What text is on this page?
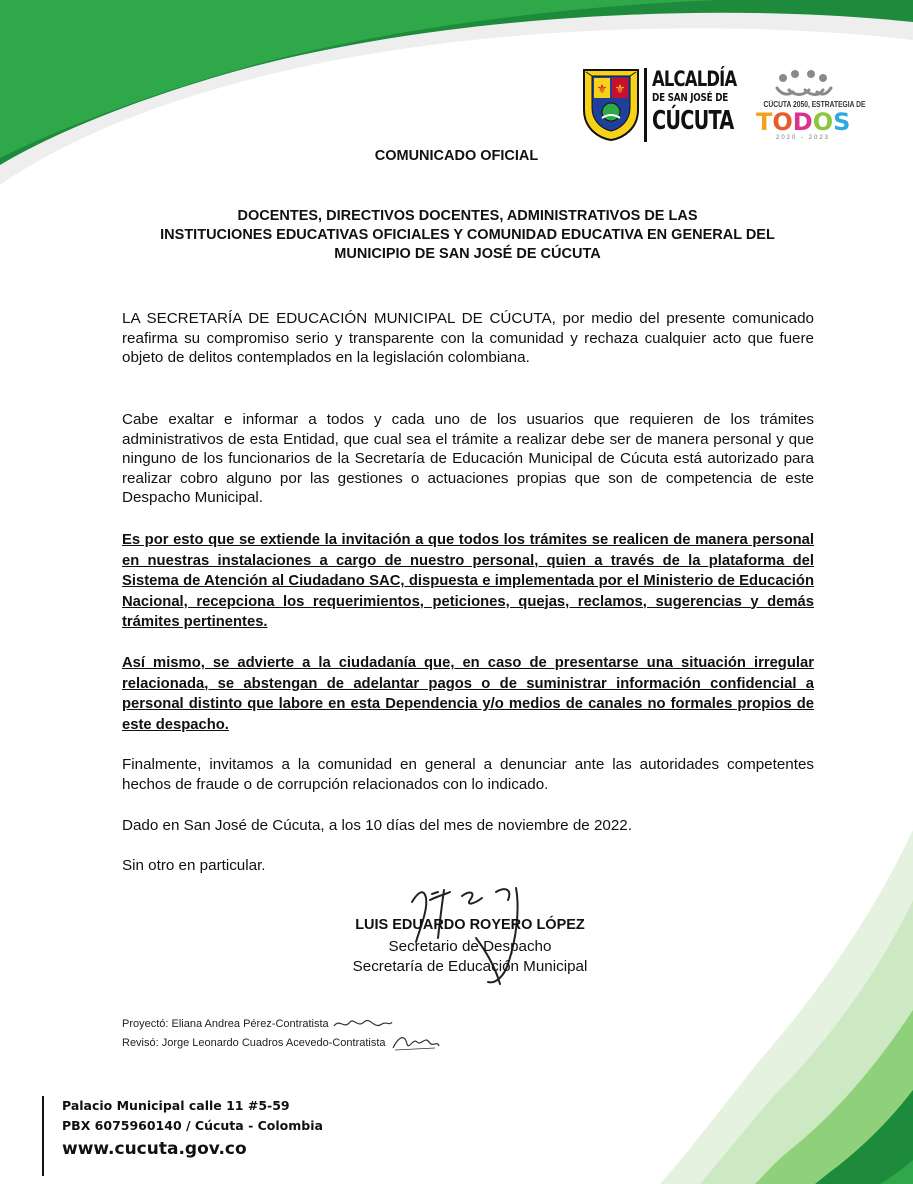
⚜ ⚜ ALCALDÍA
DE SAN JOSÉ DE
CÚCUTA
CÚCUTA 2050, ESTRATEGIA DE
TODOS
2020 - 2023
COMUNICADO OFICIAL
DOCENTES, DIRECTIVOS DOCENTES, ADMINISTRATIVOS DE LAS
INSTITUCIONES EDUCATIVAS OFICIALES Y COMUNIDAD EDUCATIVA EN GENERAL DEL
MUNICIPIO DE SAN JOSÉ DE CÚCUTA

LA SECRETARÍA DE EDUCACIÓN MUNICIPAL DE CÚCUTA, por medio del presente comunicado reafirma su compromiso serio y transparente con la comunidad y rechaza cualquier acto que fuere objeto de delitos contemplados en la legislación colombiana.

Cabe exaltar e informar a todos y cada uno de los usuarios que requieren de los trámites administrativos de esta Entidad, que cual sea el trámite a realizar debe ser de manera personal y que ninguno de los funcionarios de la Secretaría de Educación Municipal de Cúcuta está autorizado para realizar cobro alguno por las gestiones o actuaciones propias que son de competencia de este Despacho Municipal.

Es por esto que se extiende la invitación a que todos los trámites se realicen de manera personal en nuestras instalaciones a cargo de nuestro personal, quien a través de la plataforma del Sistema de Atención al Ciudadano SAC, dispuesta e implementada por el Ministerio de Educación Nacional, recepciona los requerimientos, peticiones, quejas, reclamos, sugerencias y demás trámites pertinentes.

Así mismo, se advierte a la ciudadanía que, en caso de presentarse una situación irregular relacionada, se abstengan de adelantar pagos o de suministrar información confidencial a personal distinto que labore en esta Dependencia y/o medios de canales no formales propios de este despacho.

Finalmente, invitamos a la comunidad en general a denunciar ante las autoridades competentes hechos de fraude o de corrupción relacionados con lo indicado.

Dado en San José de Cúcuta, a los 10 días del mes de noviembre de 2022.

Sin otro en particular.

LUIS EDUARDO ROYERO LÓPEZ
Secretario de Despacho
Secretaría de Educación Municipal
Proyectó: Eliana Andrea Pérez-Contratista
Revisó: Jorge Leonardo Cuadros Acevedo-Contratista
Palacio Municipal calle 11 #5-59
PBX 6075960140 / Cúcuta - Colombia
www.cucuta.gov.co
